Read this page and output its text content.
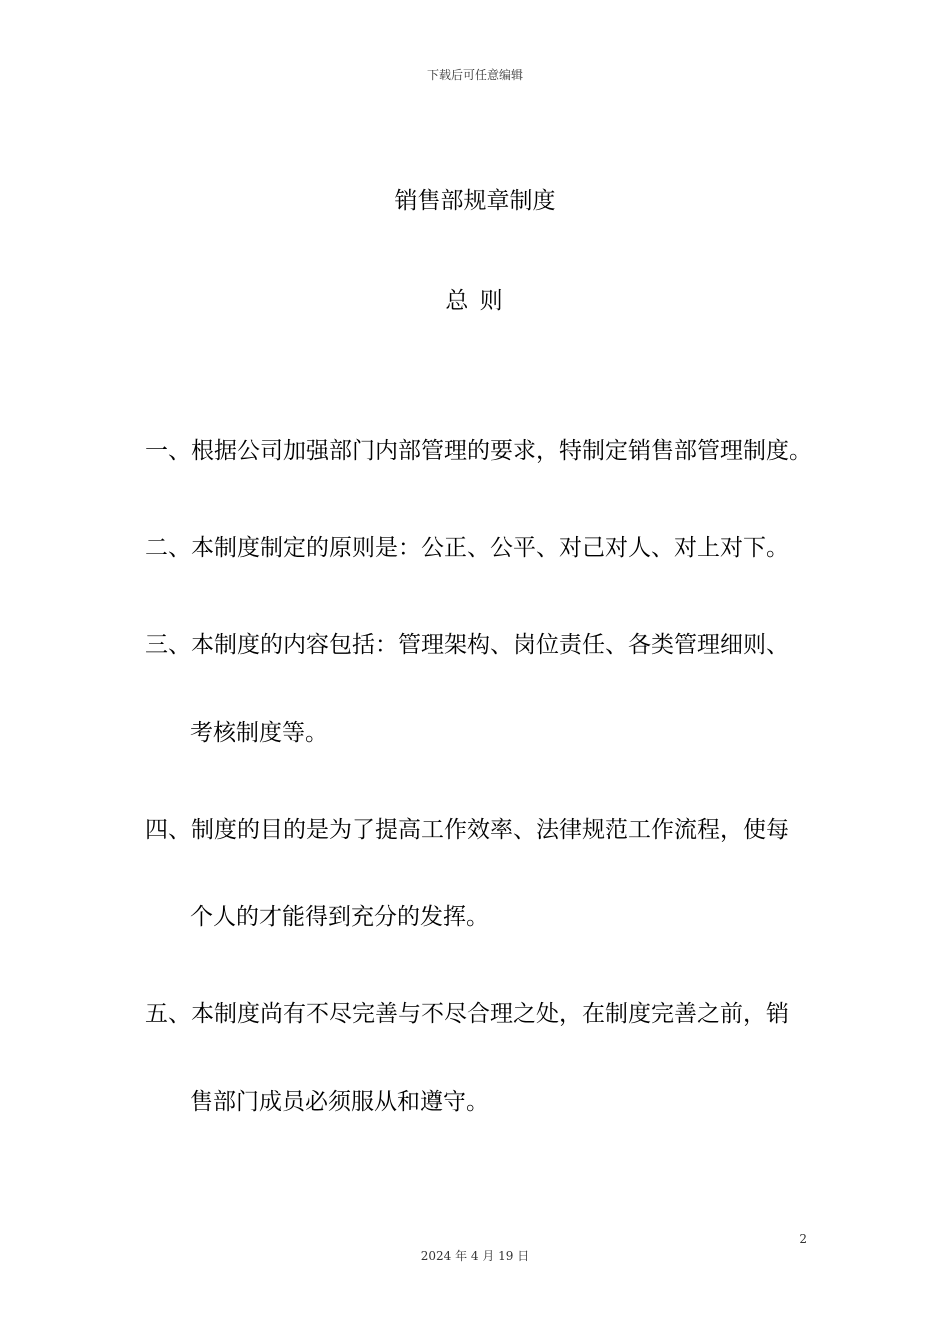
下载后可任意编辑
销售部规章制度
总 则
一、根据公司加强部门内部管理的要求，特制定销售部管理制度。
二、本制度制定的原则是：公正、公平、对己对人、对上对下。
三、本制度的内容包括：管理架构、岗位责任、各类管理细则、
考核制度等。
四、制度的目的是为了提高工作效率、法律规范工作流程，使每
个人的才能得到充分的发挥。
五、本制度尚有不尽完善与不尽合理之处，在制度完善之前，销
售部门成员必须服从和遵守。
2
2024 年 4 月 19 日
